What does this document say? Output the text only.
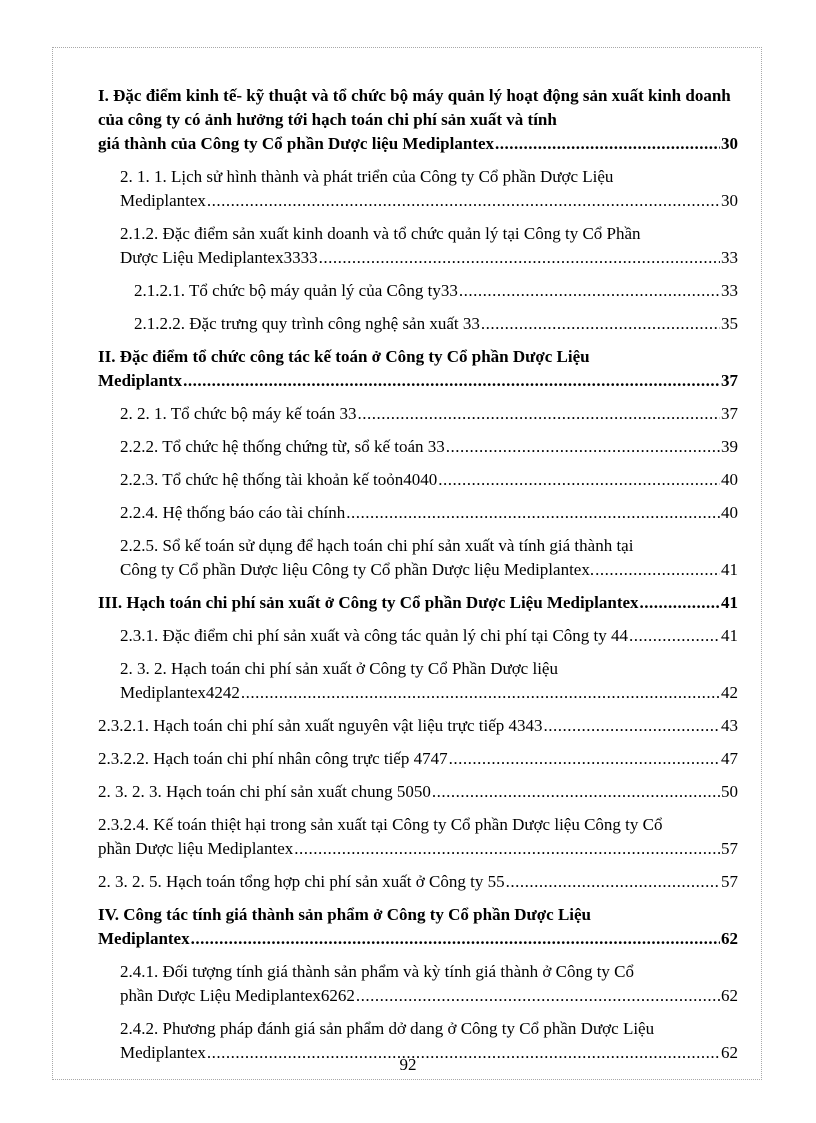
I. Đặc điểm kinh tế- kỹ thuật và tổ chức bộ máy quản lý hoạt động sản xuất kinh doanh của công ty có ảnh hưởng tới hạch toán chi phí sản xuất và tính
giá thành của Công ty Cổ phần Dược liệu Mediplantex .....	30
2. 1. 1. Lịch sử hình thành và phát triển của Công ty Cổ phần Dược Liệu
Mediplantex .....	30
2.1.2. Đặc điểm sản xuất kinh doanh và tổ chức quản lý tại Công ty Cổ Phần
Dược Liệu Mediplantex3333 .....	33
2.1.2.1. Tổ chức bộ máy quản lý của Công ty33 .....	33
2.1.2.2. Đặc trưng quy trình công nghệ sản xuất 33 .....	35
II. Đặc điểm tổ chức công tác kế toán ở Công ty Cổ phần Dược Liệu
Mediplantx .....	37
2. 2. 1. Tổ chức bộ máy kế toán 33 .....	37
2.2.2. Tổ chức hệ thống chứng từ, sổ kế toán 33 .....	39
2.2.3. Tổ chức hệ thống tài khoản kế toỏn4040 .....	40
2.2.4. Hệ thống báo cáo tài chính .....	40
2.2.5. Sổ kế toán sử dụng để hạch toán chi phí sản xuất và tính giá thành tại
Công ty Cổ phần Dược liệu Công ty Cổ phần Dược liệu Mediplantex. .....	41
III. Hạch toán chi phí sản xuất ở Công ty Cổ phần Dược Liệu Mediplantex .....	41
2.3.1. Đặc điểm chi phí sản xuất và công tác quản lý chi phí tại Công ty 44 .....	41
2. 3. 2. Hạch toán chi phí sản xuất ở Công ty Cổ Phần Dược liệu
Mediplantex4242 .....	42
2.3.2.1. Hạch toán chi phí sản xuất nguyên vật liệu trực tiếp 4343 .....	43
2.3.2.2. Hạch toán chi phí nhân công trực tiếp 4747 .....	47
2. 3. 2. 3. Hạch toán chi phí sản xuất chung 5050 .....	50
2.3.2.4. Kế toán thiệt hại trong sản xuất tại Công ty Cổ phần Dược liệu Công ty Cổ
phần Dược liệu Mediplantex .....	57
2. 3. 2. 5. Hạch toán tổng hợp chi phí sản xuất ở Công ty 55 .....	57
IV. Công tác tính giá thành sản phẩm ở Công ty Cổ phần Dược Liệu
Mediplantex .....	62
2.4.1. Đối tượng tính giá thành sản phẩm và kỳ tính giá thành ở Công ty Cổ
phần Dược Liệu Mediplantex6262 .....	62
2.4.2. Phương pháp đánh giá sản phẩm dở dang ở Công ty Cổ phần Dược Liệu
Mediplantex .....	62
92
